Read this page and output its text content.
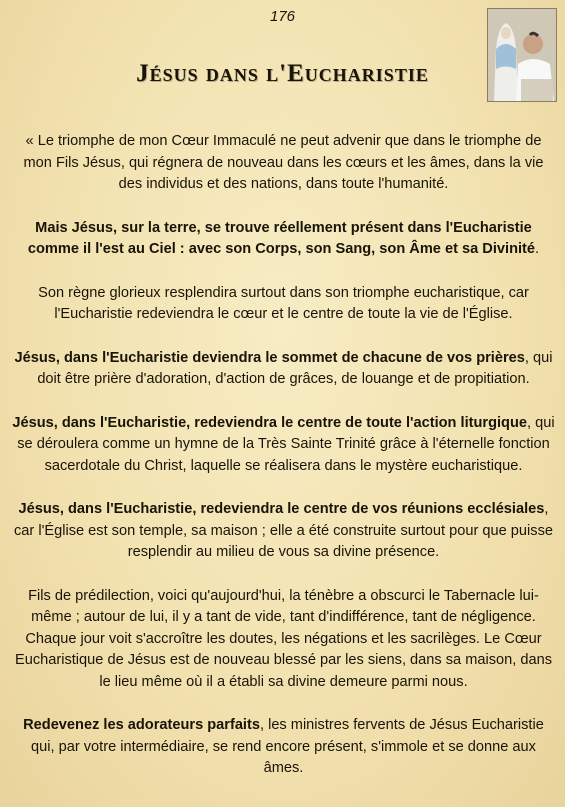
176
Jésus dans l'Eucharistie

« Le triomphe de mon Cœur Immaculé ne peut advenir que dans le triomphe de mon Fils Jésus, qui régnera de nouveau dans les cœurs et les âmes, dans la vie des individus et des nations, dans toute l'humanité.

Mais Jésus, sur la terre, se trouve réellement présent dans l'Eucharistie comme il l'est au Ciel : avec son Corps, son Sang, son Âme et sa Divinité.

Son règne glorieux resplendira surtout dans son triomphe eucharistique, car l'Eucharistie redeviendra le cœur et le centre de toute la vie de l'Église.

Jésus, dans l'Eucharistie deviendra le sommet de chacune de vos prières, qui doit être prière d'adoration, d'action de grâces, de louange et de propitiation.

Jésus, dans l'Eucharistie, redeviendra le centre de toute l'action liturgique, qui se déroulera comme un hymne de la Très Sainte Trinité grâce à l'éternelle fonction sacerdotale du Christ, laquelle se réalisera dans le mystère eucharistique.

Jésus, dans l'Eucharistie, redeviendra le centre de vos réunions ecclésiales, car l'Église est son temple, sa maison ; elle a été construite surtout pour que puisse resplendir au milieu de vous sa divine présence.

Fils de prédilection, voici qu'aujourd'hui, la ténèbre a obscurci le Tabernacle lui-même ; autour de lui, il y a tant de vide, tant d'indifférence, tant de négligence. Chaque jour voit s'accroître les doutes, les négations et les sacrilèges. Le Cœur Eucharistique de Jésus est de nouveau blessé par les siens, dans sa maison, dans le lieu même où il a établi sa divine demeure parmi nous.

Redevenez les adorateurs parfaits, les ministres fervents de Jésus Eucharistie qui, par votre intermédiaire, se rend encore présent, s'immole et se donne aux âmes.
